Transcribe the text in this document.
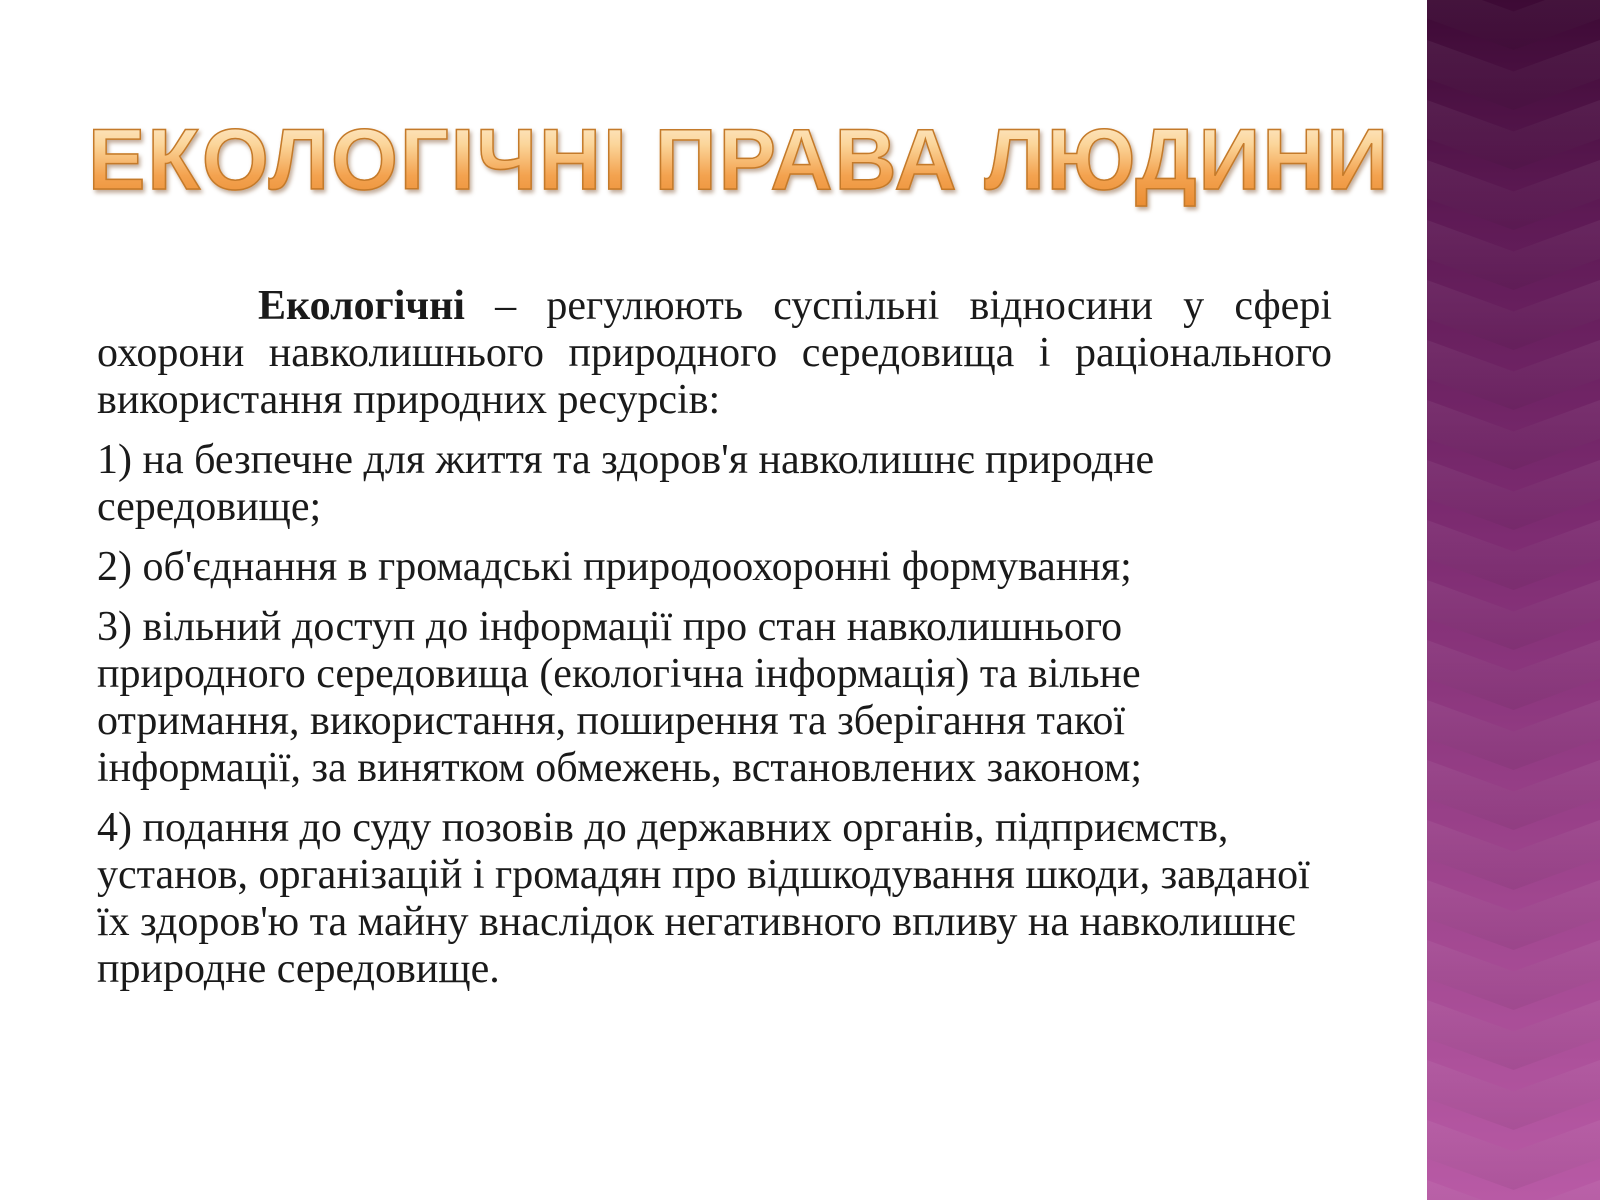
ЕКОЛОГІЧНІ ПРАВА ЛЮДИНИ

Екологічні – регулюють суспільні відносини у сфері охорони навколишнього природного середовища і раціонального використання природних ресурсів:

1) на безпечне для життя та здоров'я навколишнє природне середовище;

2) об'єднання в громадські природоохоронні формування;

3) вільний доступ до інформації про стан навколишнього природного середовища (екологічна інформація) та вільне отримання, використання, поширення та зберігання такої інформації, за винятком обмежень, встановлених законом;

4) подання до суду позовів до державних органів, підприємств, установ, організацій і громадян про відшкодування шкоди, завданої їх здоров'ю та майну внаслідок негативного впливу на навколишнє природне середовище.
